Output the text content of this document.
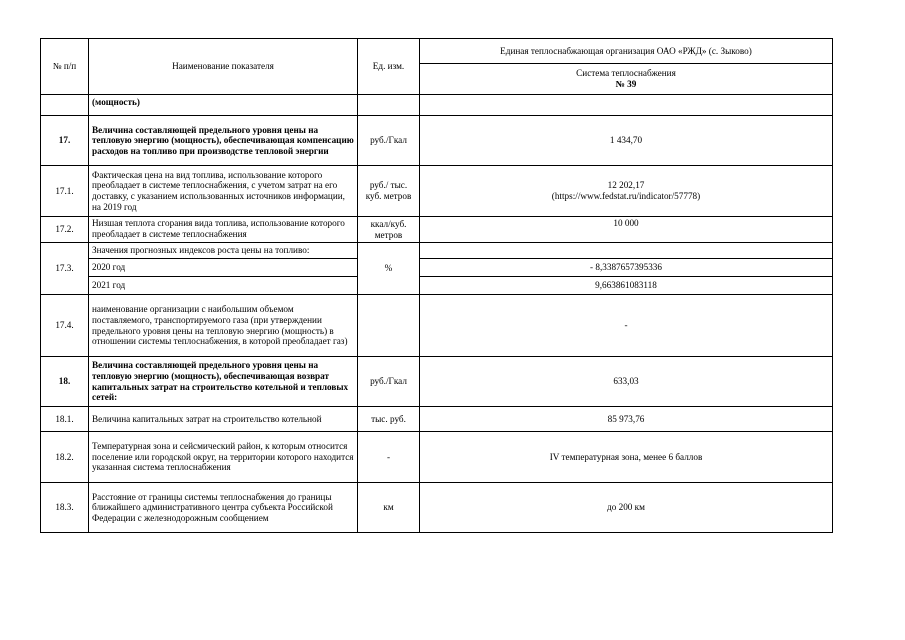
№ п/п	Наименование показателя	Ед. изм.	Единая теплоснабжающая организация ОАО «РЖД» (с. Зыково)

			Система теплоснабжения
№ 39

	(мощность)		
17.	Величина составляющей предельного уровня цены на тепловую энергию (мощность), обеспечивающая компенсацию расходов на топливо при производстве тепловой энергии	руб./Гкал	1 434,70
17.1.	Фактическая цена на вид топлива, использование которого преобладает в системе теплоснабжения, с учетом затрат на его доставку, с указанием использованных источников информации, на 2019 год	руб./ тыс. куб. метров	12 202,17
(https://www.fedstat.ru/indicator/57778)

17.2.	Низшая теплота сгорания вида топлива, использование которого преобладает в системе теплоснабжения	ккал/куб. метров	10 000
17.3.	Значения прогнозных индексов роста цены на топливо:	%	
	2020 год		- 8,3387657395336
	2021 год		9,663861083118
17.4.	наименование организации с наибольшим объемом поставляемого, транспортируемого газа (при утверждении предельного уровня цены на тепловую энергию (мощность) в отношении системы теплоснабжения, в которой преобладает газ)		-
18.	Величина составляющей предельного уровня цены на тепловую энергию (мощность), обеспечивающая возврат капитальных затрат на строительство котельной и тепловых сетей:	руб./Гкал	633,03
18.1.	Величина капитальных затрат на строительство котельной	тыс. руб.	85 973,76
18.2.	Температурная зона и сейсмический район, к которым относится поселение или городской округ, на территории которого находится указанная система теплоснабжения	-	IV температурная зона, менее 6 баллов
18.3.	Расстояние от границы системы теплоснабжения до границы ближайшего административного центра субъекта Российской Федерации с железнодорожным сообщением	км	до 200 км
